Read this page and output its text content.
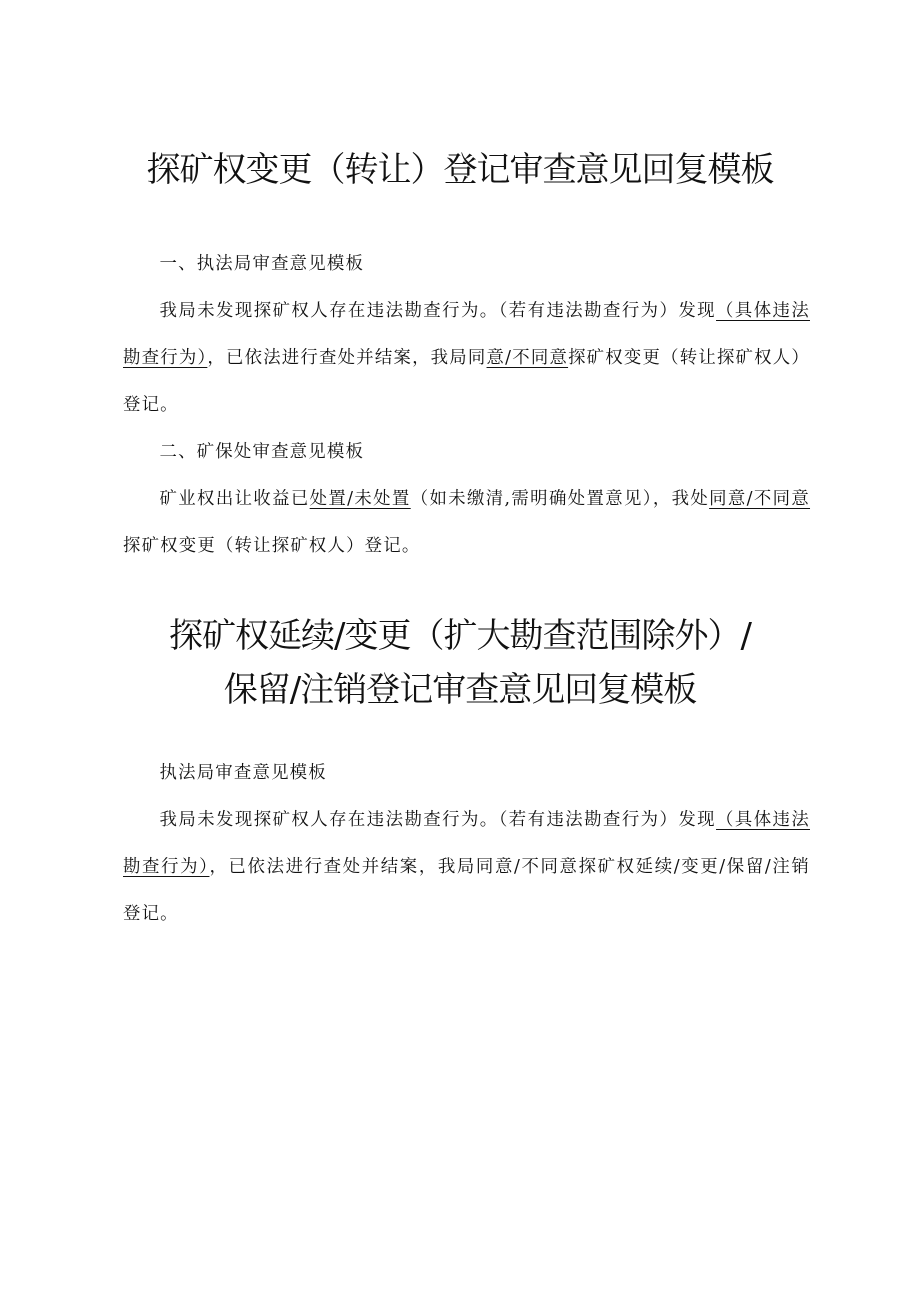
探矿权变更（转让）登记审查意见回复模板

一、执法局审查意见模板

我局未发现探矿权人存在违法勘查行为。（若有违法勘查行为）发现（具体违法勘查行为），已依法进行查处并结案，我局同意/不同意探矿权变更（转让探矿权人）登记。

二、矿保处审查意见模板

矿业权出让收益已处置/未处置（如未缴清,需明确处置意见），我处同意/不同意探矿权变更（转让探矿权人）登记。

探矿权延续/变更（扩大勘查范围除外）/
保留/注销登记审查意见回复模板

执法局审查意见模板

我局未发现探矿权人存在违法勘查行为。（若有违法勘查行为）发现（具体违法勘查行为），已依法进行查处并结案，我局同意/不同意探矿权延续/变更/保留/注销登记。
